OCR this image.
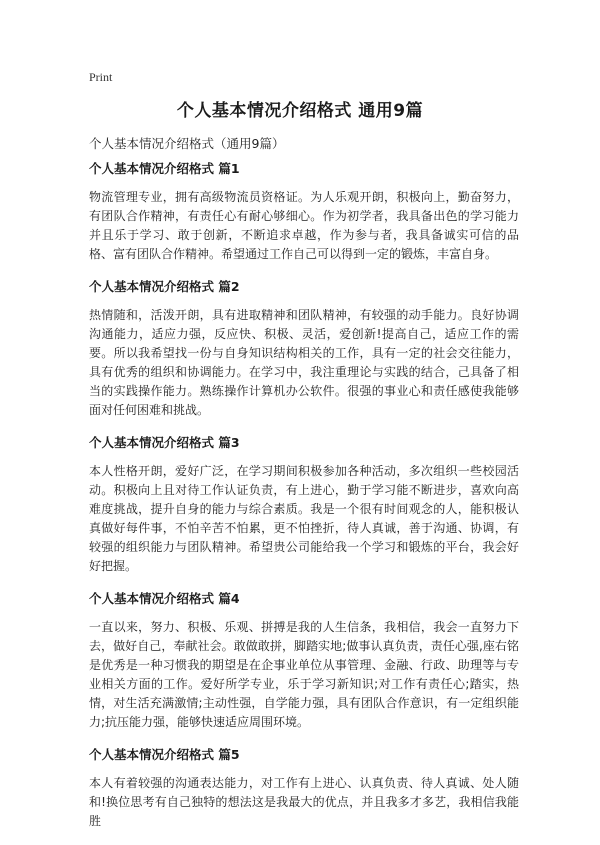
Print
个人基本情况介绍格式 通用9篇
个人基本情况介绍格式（通用9篇）
个人基本情况介绍格式 篇1
物流管理专业，拥有高级物流员资格证。为人乐观开朗，积极向上，勤奋努力，有团队合作精神，有责任心有耐心够细心。作为初学者，我具备出色的学习能力并且乐于学习、敢于创新，不断追求卓越，作为参与者，我具备诚实可信的品格、富有团队合作精神。希望通过工作自己可以得到一定的锻炼，丰富自身。
个人基本情况介绍格式 篇2
热情随和，活泼开朗，具有进取精神和团队精神，有较强的动手能力。良好协调沟通能力，适应力强，反应快、积极、灵活，爱创新!提高自己，适应工作的需要。所以我希望找一份与自身知识结构相关的工作，具有一定的社会交往能力，具有优秀的组织和协调能力。在学习中，我注重理论与实践的结合，己具备了相当的实践操作能力。熟练操作计算机办公软件。很强的事业心和责任感使我能够面对任何困难和挑战。
个人基本情况介绍格式 篇3
本人性格开朗，爱好广泛，在学习期间积极参加各种活动，多次组织一些校园活动。积极向上且对待工作认证负责，有上进心，勤于学习能不断进步，喜欢向高难度挑战，提升自身的能力与综合素质。我是一个很有时间观念的人，能积极认真做好每件事，不怕辛苦不怕累，更不怕挫折，待人真诚，善于沟通、协调，有较强的组织能力与团队精神。希望贵公司能给我一个学习和锻炼的平台，我会好好把握。
个人基本情况介绍格式 篇4
一直以来，努力、积极、乐观、拼搏是我的人生信条，我相信，我会一直努力下去，做好自己，奉献社会。敢做敢拼，脚踏实地;做事认真负责，责任心强,座右铭是优秀是一种习惯我的期望是在企事业单位从事管理、金融、行政、助理等与专业相关方面的工作。爱好所学专业，乐于学习新知识;对工作有责任心;踏实，热情，对生活充满激情;主动性强，自学能力强，具有团队合作意识，有一定组织能力;抗压能力强，能够快速适应周围环境。
个人基本情况介绍格式 篇5
本人有着较强的沟通表达能力，对工作有上进心、认真负责、待人真诚、处人随和!换位思考有自己独特的想法这是我最大的优点，并且我多才多艺，我相信我能胜
